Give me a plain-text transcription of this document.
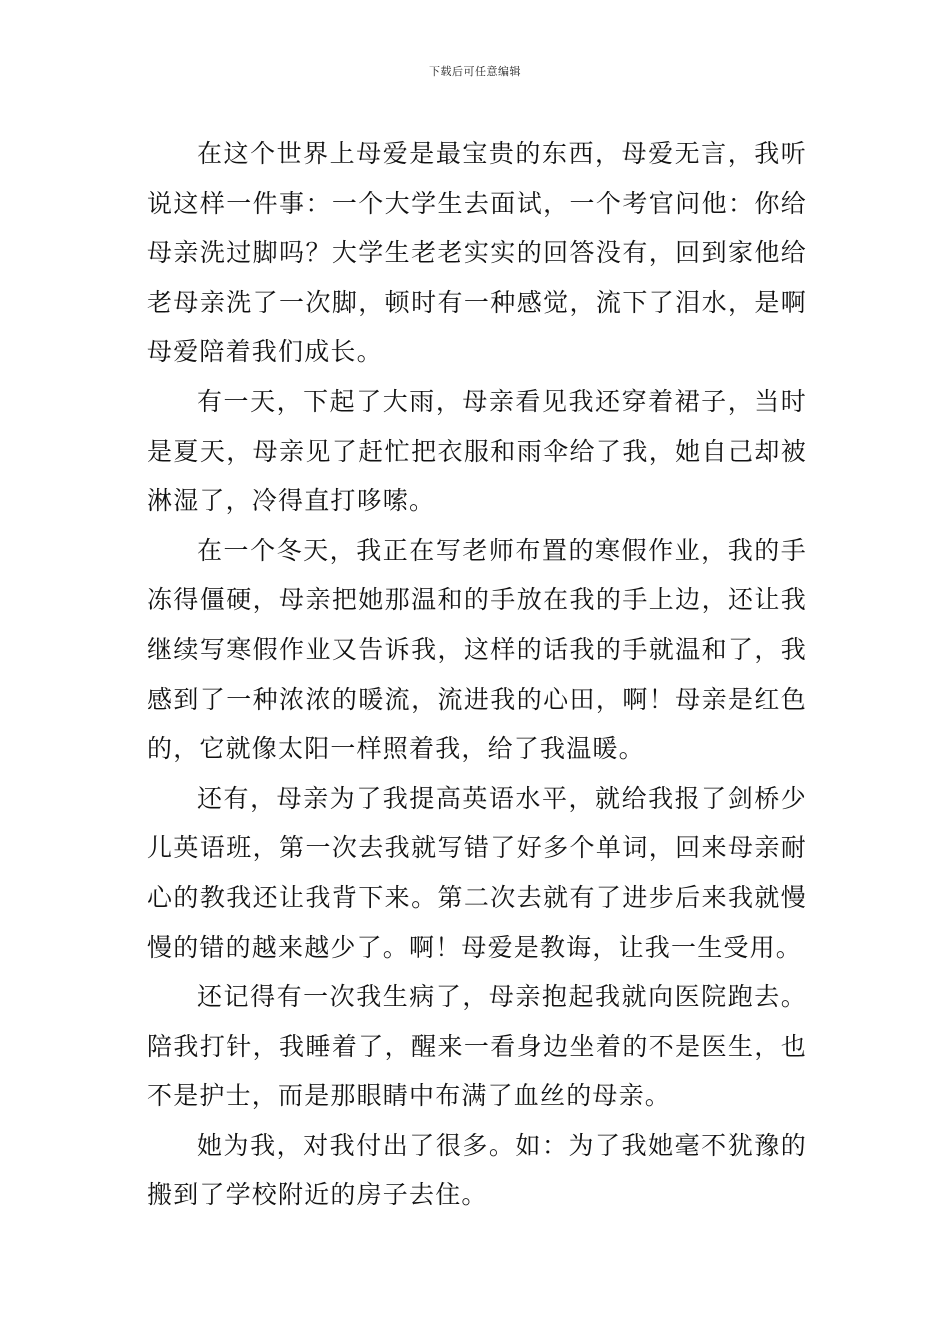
下载后可任意编辑

在这个世界上母爱是最宝贵的东西，母爱无言，我听说这样一件事：一个大学生去面试，一个考官问他：你给母亲洗过脚吗？大学生老老实实的回答没有，回到家他给老母亲洗了一次脚，顿时有一种感觉，流下了泪水，是啊母爱陪着我们成长。

有一天，下起了大雨，母亲看见我还穿着裙子，当时是夏天，母亲见了赶忙把衣服和雨伞给了我，她自己却被淋湿了，冷得直打哆嗦。

在一个冬天，我正在写老师布置的寒假作业，我的手冻得僵硬，母亲把她那温和的手放在我的手上边，还让我继续写寒假作业又告诉我，这样的话我的手就温和了，我感到了一种浓浓的暖流，流进我的心田，啊！母亲是红色的，它就像太阳一样照着我，给了我温暖。

还有，母亲为了我提高英语水平，就给我报了剑桥少儿英语班，第一次去我就写错了好多个单词，回来母亲耐心的教我还让我背下来。第二次去就有了进步后来我就慢慢的错的越来越少了。啊！母爱是教诲，让我一生受用。

还记得有一次我生病了，母亲抱起我就向医院跑去。陪我打针，我睡着了，醒来一看身边坐着的不是医生，也不是护士，而是那眼睛中布满了血丝的母亲。

她为我，对我付出了很多。如：为了我她毫不犹豫的搬到了学校附近的房子去住。
